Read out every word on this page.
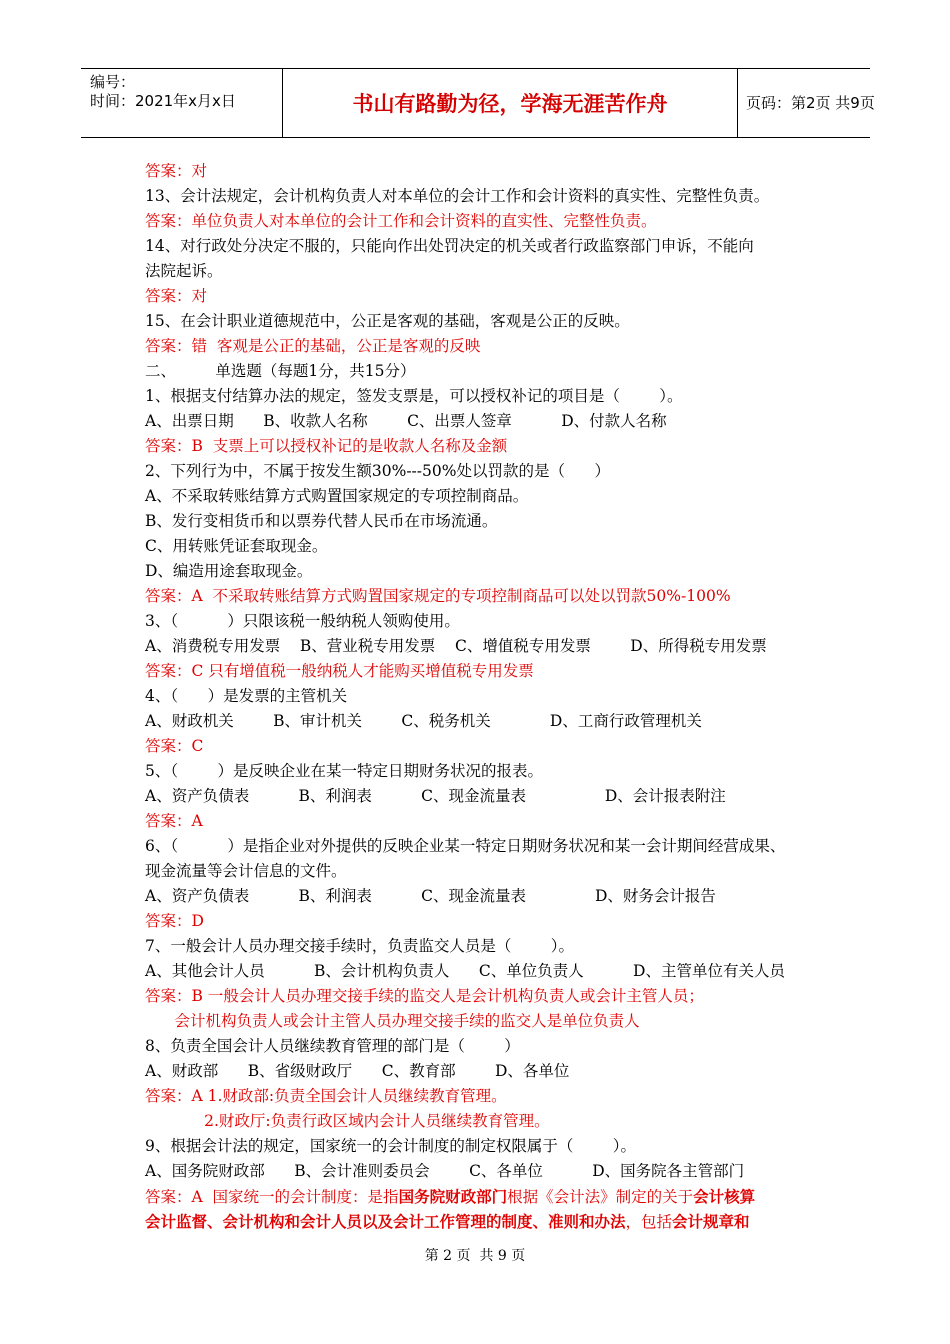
编号：
时间：2021年x月x日	书山有路勤为径，学海无涯苦作舟	页码：第2页 共9页
答案：对
13、会计法规定，会计机构负责人对本单位的会计工作和会计资料的真实性、完整性负责。
答案：单位负责人对本单位的会计工作和会计资料的直实性、完整性负责。
14、对行政处分决定不服的，只能向作出处罚决定的机关或者行政监察部门申诉，不能向
法院起诉。
答案：对
15、在会计职业道德规范中，公正是客观的基础，客观是公正的反映。
答案：错  客观是公正的基础，公正是客观的反映
二、        单选题（每题1分，共15分）
1、根据支付结算办法的规定，签发支票是，可以授权补记的项目是（        ）。
A、出票日期      B、收款人名称        C、出票人签章          D、付款人名称
答案：B  支票上可以授权补记的是收款人名称及金额
2、下列行为中，不属于按发生额30%---50%处以罚款的是（      ）
A、不采取转账结算方式购置国家规定的专项控制商品。
B、发行变相货币和以票券代替人民币在市场流通。
C、用转账凭证套取现金。
D、编造用途套取现金。
答案：A  不采取转账结算方式购置国家规定的专项控制商品可以处以罚款50%-100%
3、（          ）只限该税一般纳税人领购使用。
A、消费税专用发票    B、营业税专用发票    C、增值税专用发票        D、所得税专用发票
答案：C 只有增值税一般纳税人才能购买增值税专用发票
4、（      ）是发票的主管机关
A、财政机关        B、审计机关        C、税务机关            D、工商行政管理机关
答案：C
5、（        ）是反映企业在某一特定日期财务状况的报表。
A、资产负债表          B、利润表          C、现金流量表                D、会计报表附注
答案：A
6、（          ）是指企业对外提供的反映企业某一特定日期财务状况和某一会计期间经营成果、
现金流量等会计信息的文件。
A、资产负债表          B、利润表          C、现金流量表              D、财务会计报告
答案：D
7、一般会计人员办理交接手续时，负责监交人员是（        ）。
A、其他会计人员          B、会计机构负责人      C、单位负责人          D、主管单位有关人员
答案：B 一般会计人员办理交接手续的监交人是会计机构负责人或会计主管人员；
会计机构负责人或会计主管人员办理交接手续的监交人是单位负责人
8、负责全国会计人员继续教育管理的部门是（        ）
A、财政部      B、省级财政厅      C、教育部        D、各单位
答案：A 1.财政部:负责全国会计人员继续教育管理。
2.财政厅:负责行政区域内会计人员继续教育管理。
9、根据会计法的规定，国家统一的会计制度的制定权限属于（        ）。
A、国务院财政部      B、会计准则委员会        C、各单位          D、国务院各主管部门
答案：A  国家统一的会计制度：是指国务院财政部门根据《会计法》制定的关于会计核算
会计监督、会计机构和会计人员以及会计工作管理的制度、准则和办法，包括会计规章和
第 2 页  共 9 页
